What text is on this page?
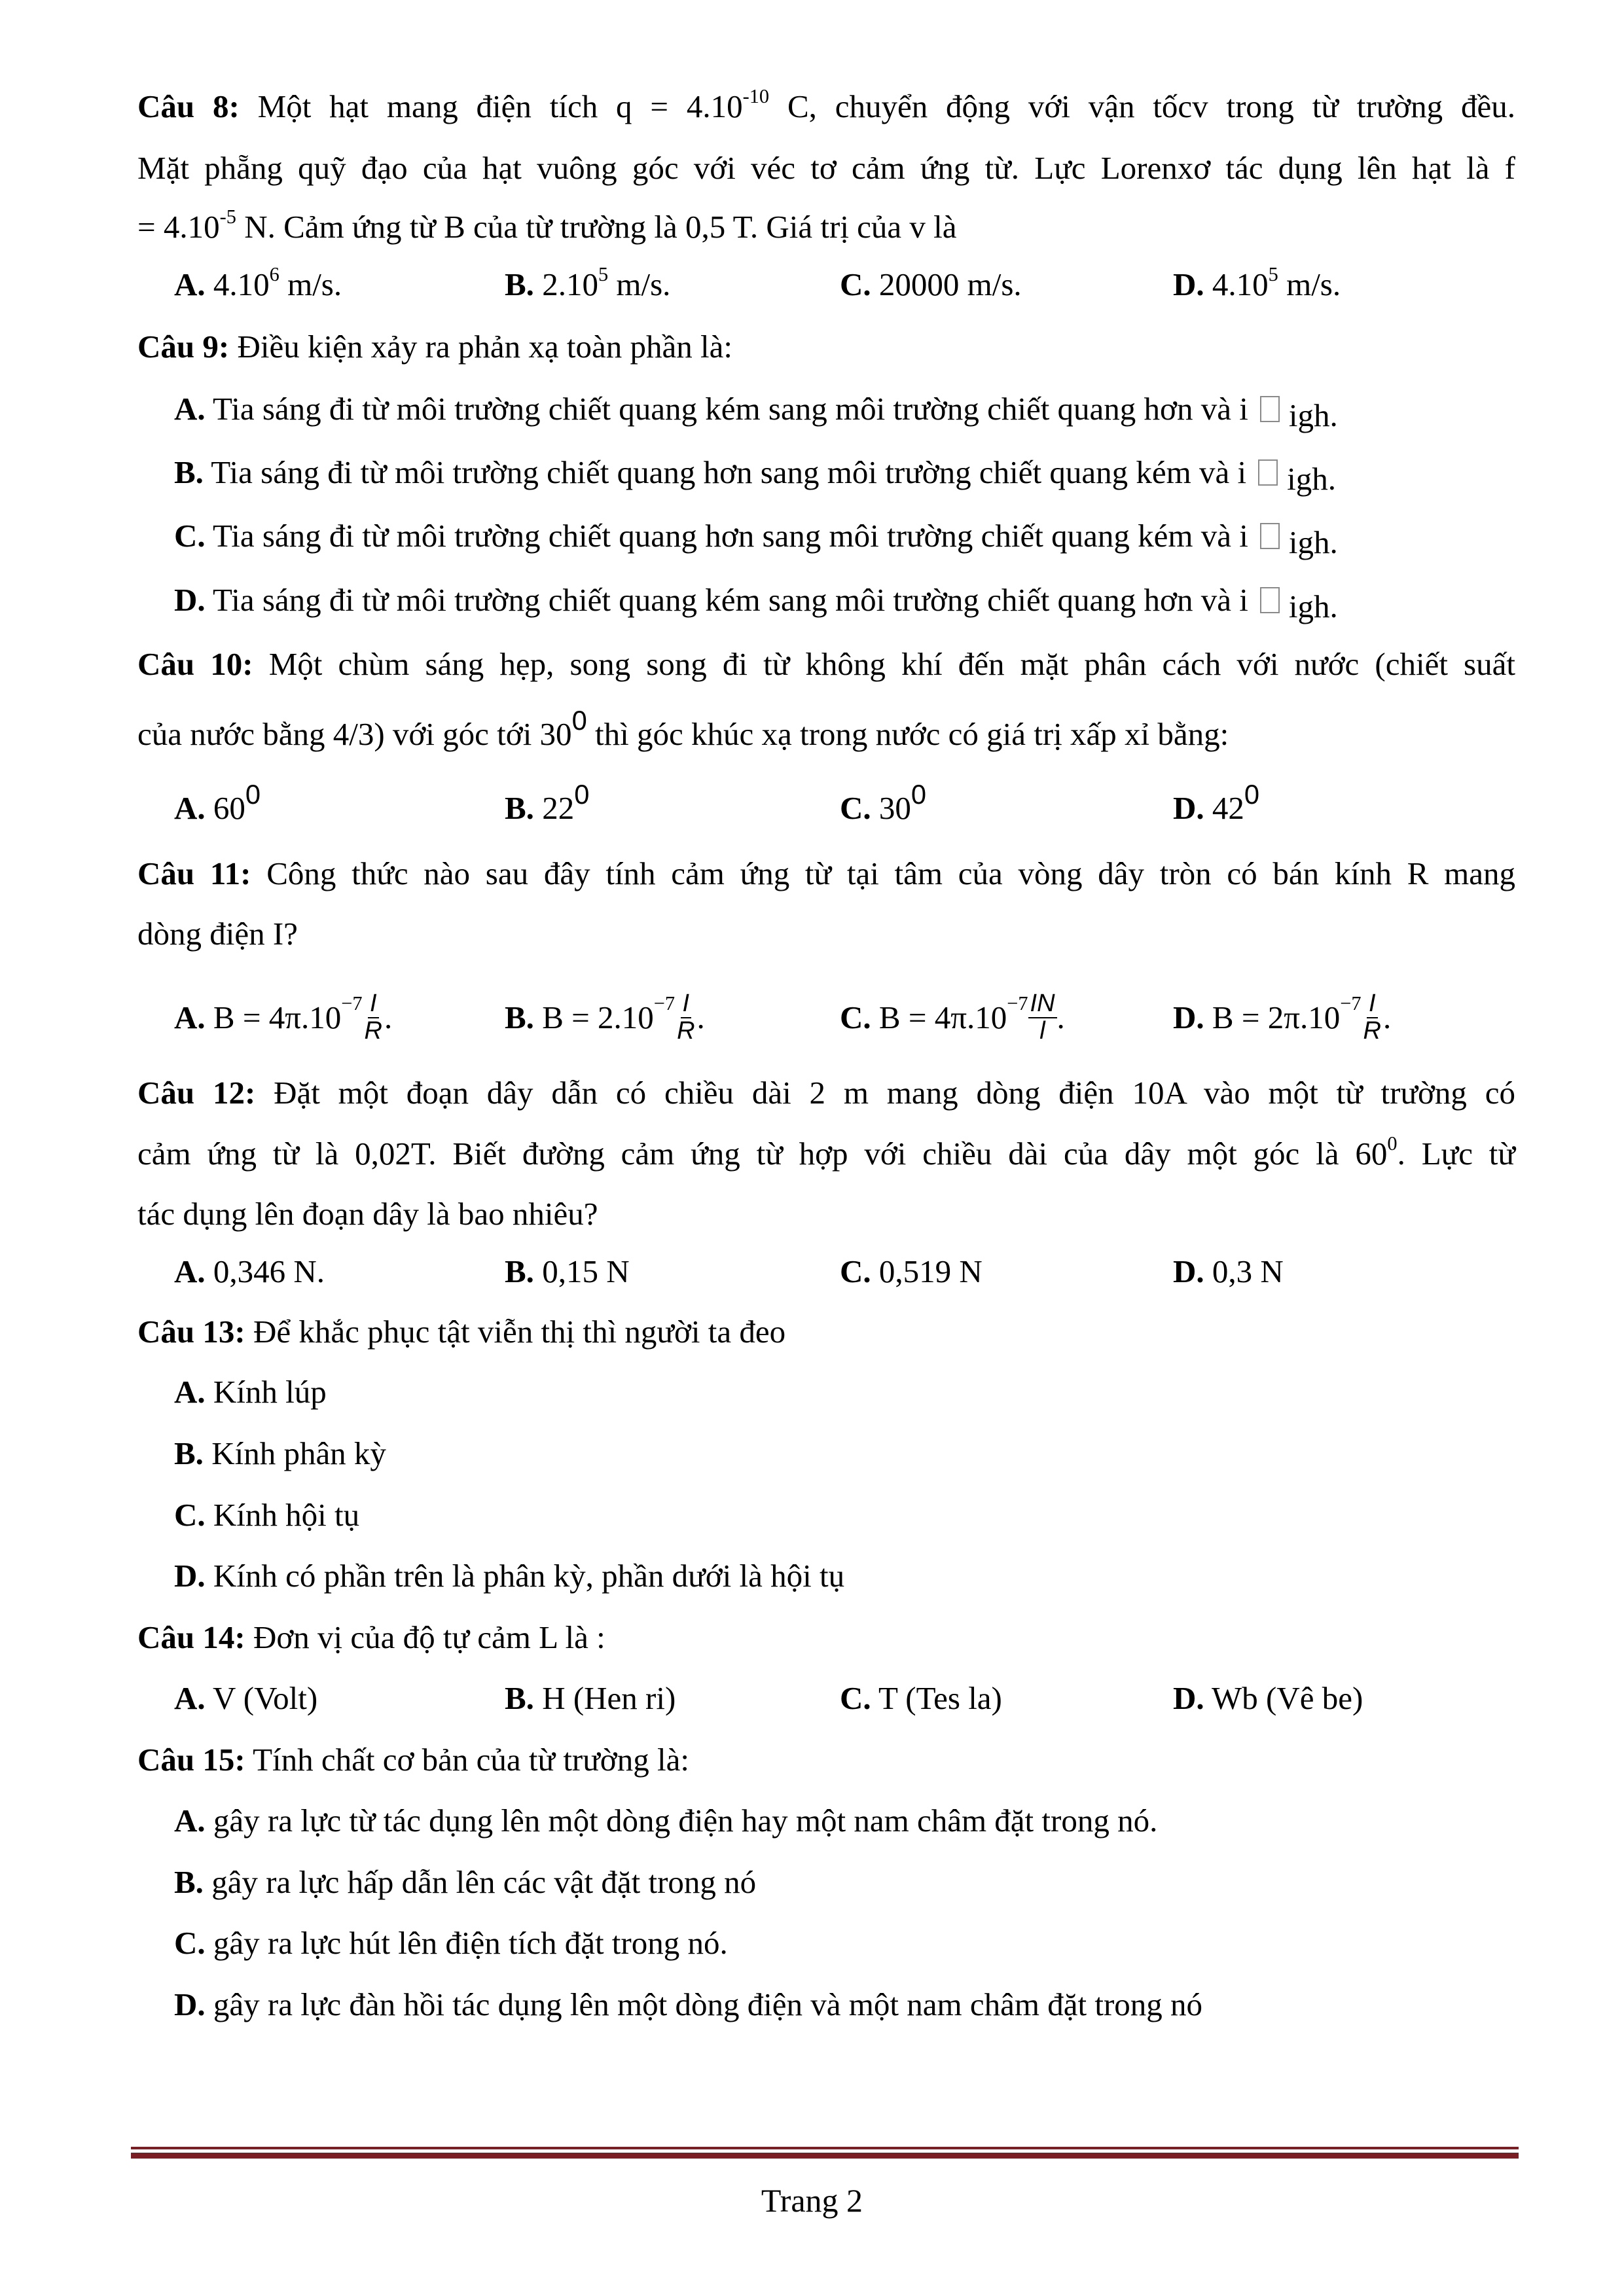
Câu 8: Một hạt mang điện tích $q = 4.10^{-10}$ C, chuyển động với vận tốcv trong từ trường đều.
Mặt phẵng quỹ đạo của hạt vuông góc với véc tơ cảm ứng từ. Lực Lorenxơ tác dụng lên hạt là f
= $4.10^{-5}$ N. Cảm ứng từ B của từ trường là 0,5 T. Giá trị của v là
A. 4.10$^6$ m/s.	B. 2.10$^5$ m/s.	C. 20000 m/s.	D. 4.10$^5$ m/s.
Câu 9: Điều kiện xảy ra phản xạ toàn phần là:
A. Tia sáng đi từ môi trường chiết quang kém sang môi trường chiết quang hơn và i igh.
B. Tia sáng đi từ môi trường chiết quang hơn sang môi trường chiết quang kém và i igh.
C. Tia sáng đi từ môi trường chiết quang hơn sang môi trường chiết quang kém và i igh.
D. Tia sáng đi từ môi trường chiết quang kém sang môi trường chiết quang hơn và i igh.
Câu 10: Một chùm sáng hẹp, song song đi từ không khí đến mặt phân cách với nước (chiết suất
của nước bằng 4/3) với góc tới $30^0$ thì góc khúc xạ trong nước có giá trị xấp xỉ bằng:
A. $60^0$	B. $22^0$	C. $30^0$	D. $42^0$
Câu 11: Công thức nào sau đây tính cảm ứng từ tại tâm của vòng dây tròn có bán kính R mang
dòng điện I?
A.
$B = 4\pi.10^{-7} \frac{I}{R}$ .	B.
$B = 2.10^{-7} \frac{I}{R}$ .	C.
$B = 4\pi.10^{-7} \frac{IN}{l}$ .	D.
$B = 2\pi.10^{-7} \frac{I}{R}$ .
Câu 12: Đặt một đoạn dây dẫn có chiều dài 2 m mang dòng điện 10A vào một từ trường có
cảm ứng từ là 0,02T. Biết đường cảm ứng từ hợp với chiều dài của dây một góc là $60^0$. Lực từ
tác dụng lên đoạn dây là bao nhiêu?
A. 0,346 N.	B. 0,15 N	C. 0,519 N	D. 0,3 N
Câu 13: Để khắc phục tật viễn thị thì người ta đeo
A. Kính lúp
B. Kính phân kỳ
C. Kính hội tụ
D. Kính có phần trên là phân kỳ, phần dưới là hội tụ
Câu 14: Đơn vị của độ tự cảm L là :
A. V (Volt)	B. H (Hen ri)	C. T (Tes la)	D. Wb (Vê be)
Câu 15: Tính chất cơ bản của từ trường là:
A. gây ra lực từ tác dụng lên một dòng điện hay một nam châm đặt trong nó.
B. gây ra lực hấp dẫn lên các vật đặt trong nó
C. gây ra lực hút lên điện tích đặt trong nó.
D. gây ra lực đàn hồi tác dụng lên một dòng điện và một nam châm đặt trong nó
Trang 2
